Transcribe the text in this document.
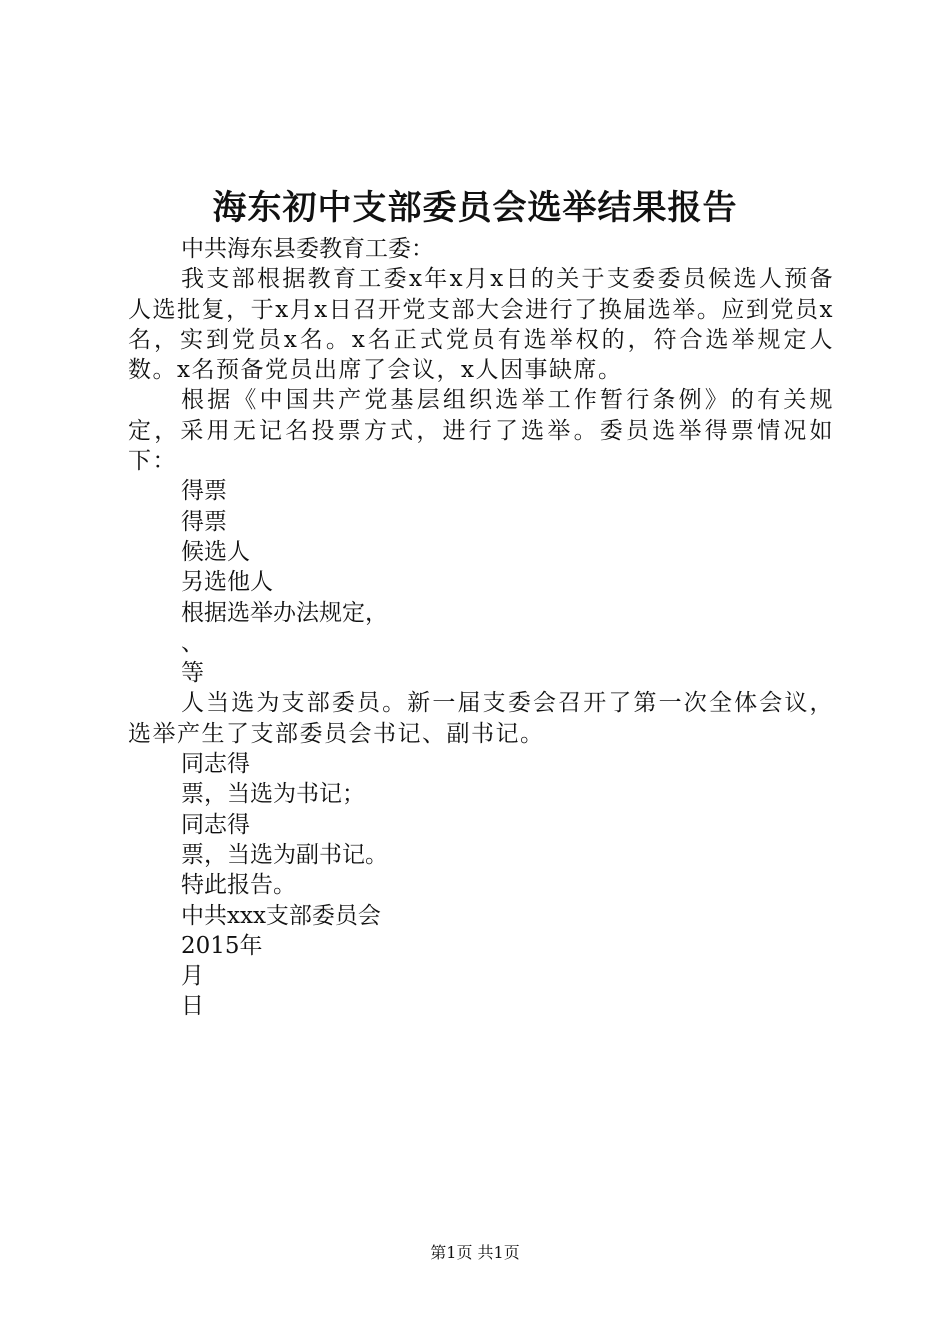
海东初中支部委员会选举结果报告

中共海东县委教育工委：

我支部根据教育工委x年x月x日的关于支委委员候选人预备人选批复，于x月x日召开党支部大会进行了换届选举。应到党员x名，实到党员x名。x名正式党员有选举权的，符合选举规定人数。x名预备党员出席了会议，x人因事缺席。

根据《中国共产党基层组织选举工作暂行条例》的有关规定，采用无记名投票方式，进行了选举。委员选举得票情况如下：

得票

得票

候选人

另选他人

根据选举办法规定，

、

等

人当选为支部委员。新一届支委会召开了第一次全体会议，选举产生了支部委员会书记、副书记。

同志得

票，当选为书记；

同志得

票，当选为副书记。

特此报告。

中共xxx支部委员会

2015年

月

日

第1页 共1页
